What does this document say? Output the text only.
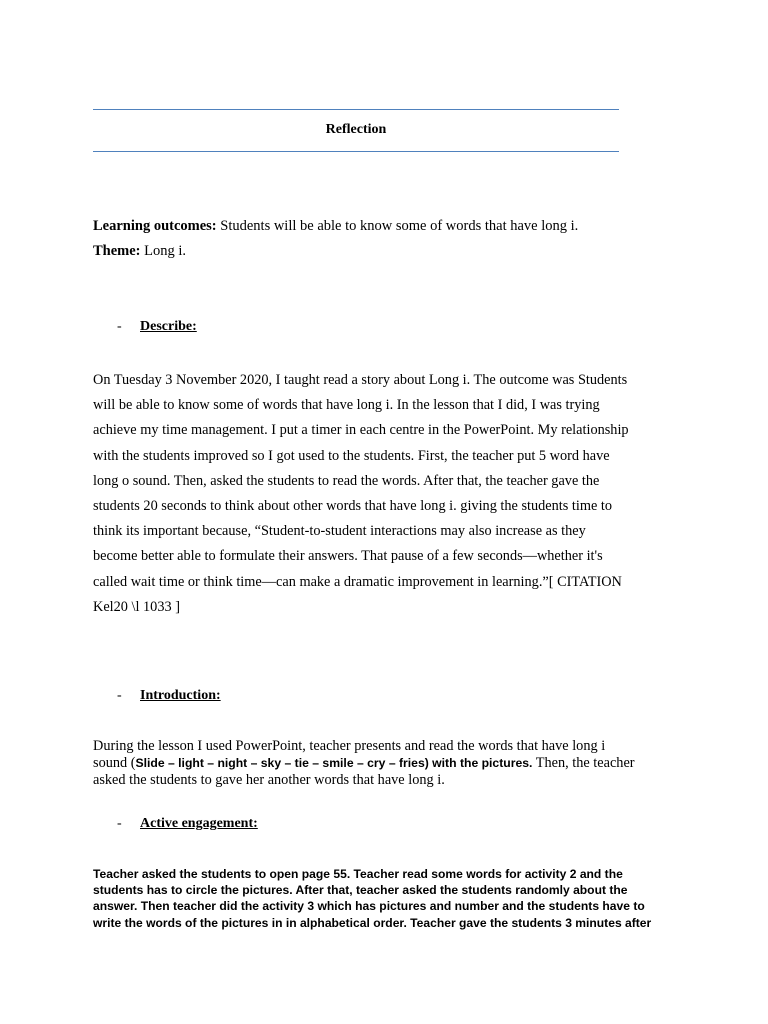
Reflection
Learning outcomes: Students will be able to know some of words that have long i.
Theme: Long i.
- Describe:
On Tuesday 3 November 2020, I taught read a story about Long i. The outcome was Students
will be able to know some of words that have long i. In the lesson that I did, I was trying
achieve my time management. I put a timer in each centre in the PowerPoint. My relationship
with the students improved so I got used to the students. First, the teacher put 5 word have
long o sound. Then, asked the students to read the words. After that, the teacher gave the
students 20 seconds to think about other words that have long i. giving the students time to
think its important because, “Student-to-student interactions may also increase as they
become better able to formulate their answers. That pause of a few seconds—whether it's
called wait time or think time—can make a dramatic improvement in learning.”[ CITATION
Kel20 \l 1033 ]
- Introduction:
During the lesson I used PowerPoint, teacher presents and read the words that have long i
sound (Slide – light – night – sky – tie – smile – cry – fries) with the pictures. Then, the teacher
asked the students to gave her another words that have long i.
- Active engagement:
Teacher asked the students to open page 55. Teacher read some words for activity 2 and the
students has to circle the pictures. After that, teacher asked the students randomly about the
answer. Then teacher did the activity 3 which has pictures and number and the students have to
write the words of the pictures in in alphabetical order. Teacher gave the students 3 minutes after
